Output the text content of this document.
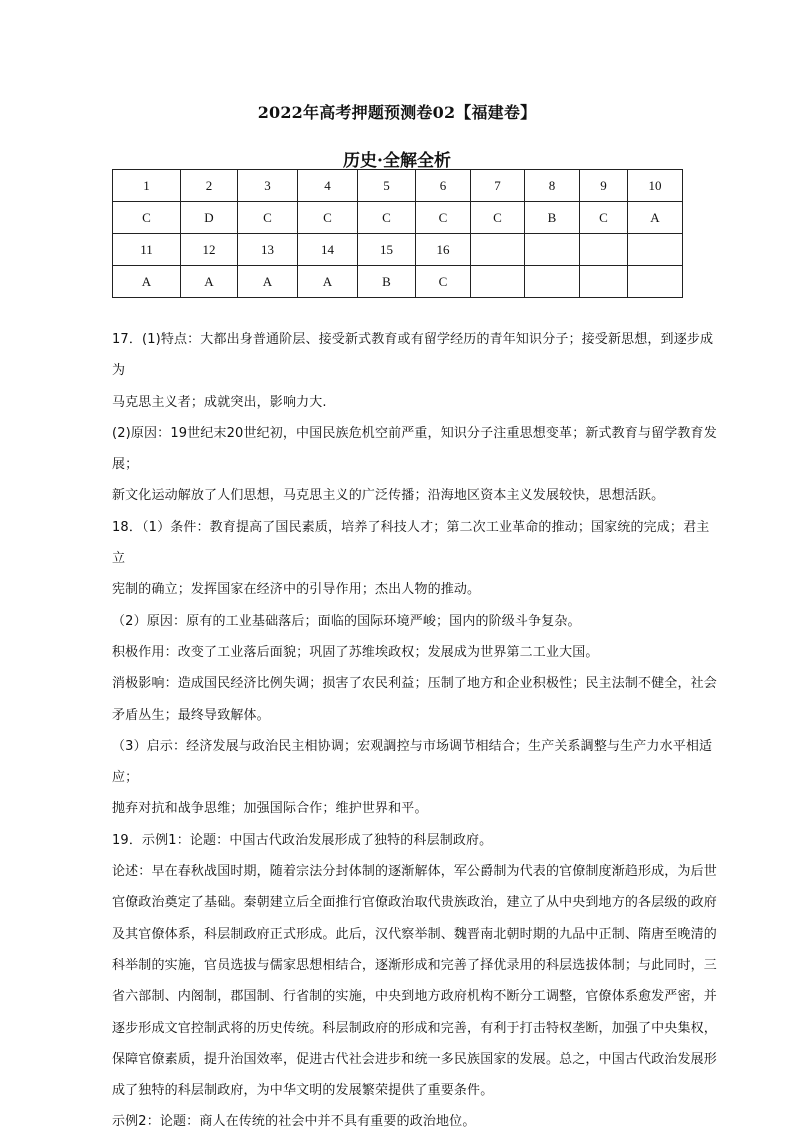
2022年高考押题预测卷02【福建卷】
历史·全解全析
1	2	3	4	5	6	7	8	9	10
C	D	C	C	C	C	C	B	C	A
11	12	13	14	15	16				
A	A	A	A	B	C				

17．(1)特点：大都出身普通阶层、接受新式教育或有留学经历的青年知识分子；接受新思想，到逐步成为

马克思主义者；成就突出，影响力大.

(2)原因：19世纪末20世纪初，中国民族危机空前严重，知识分子注重思想变革；新式教育与留学教育发展；

新文化运动解放了人们思想，马克思主义的广泛传播；沿海地区资本主义发展较快，思想活跃。

18．（1）条件：教育提高了国民素质，培养了科技人才；第二次工业革命的推动；国家统的完成；君主立

宪制的确立；发挥国家在经济中的引导作用；杰出人物的推动。

（2）原因：原有的工业基础落后；面临的国际环境严峻；国内的阶级斗争复杂。

积极作用：改变了工业落后面貌；巩固了苏维埃政权；发展成为世界第二工业大国。

消极影响：造成国民经济比例失调；损害了农民利益；压制了地方和企业积极性；民主法制不健全，社会

矛盾丛生；最终导致解体。

（3）启示：经济发展与政治民主相协调；宏观調控与市场调节相结合；生产关系調整与生产力水平相适应；

抛弃对抗和战争思维；加强国际合作；维护世界和平。

19．示例1：论题：中国古代政治发展形成了独特的科层制政府。

论述：早在春秋战国时期，随着宗法分封体制的逐渐解体，军公爵制为代表的官僚制度渐趋形成，为后世

官僚政治奠定了基础。秦朝建立后全面推行官僚政治取代贵族政治，建立了从中央到地方的各层级的政府

及其官僚体系，科层制政府正式形成。此后，汉代察举制、魏晋南北朝时期的九品中正制、隋唐至晚清的

科举制的实施，官员选拔与儒家思想相结合，逐渐形成和完善了择优录用的科层选拔体制；与此同时，三

省六部制、内阁制，郡国制、行省制的实施，中央到地方政府机构不断分工调整，官僚体系愈发严密，并

逐步形成文官控制武将的历史传统。科层制政府的形成和完善，有利于打击特权垄断，加强了中央集权，

保障官僚素质，提升治国效率，促进古代社会进步和统一多民族国家的发展。总之，中国古代政治发展形

成了独特的科层制政府，为中华文明的发展繁荣提供了重要条件。

示例2：论题：商人在传统的社会中并不具有重要的政治地位。
